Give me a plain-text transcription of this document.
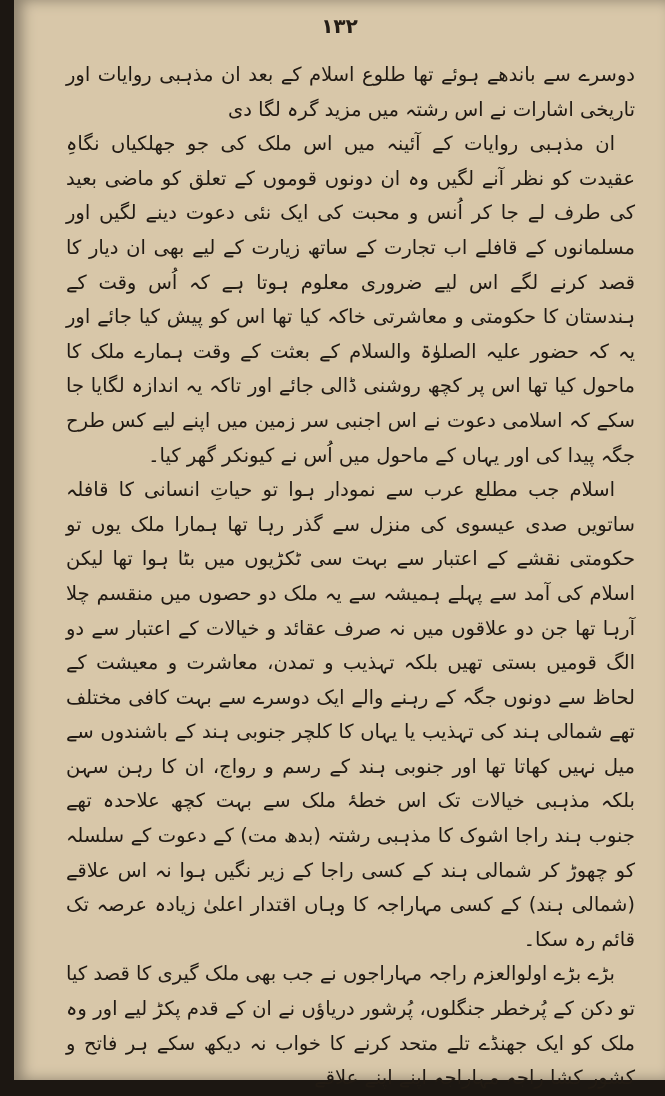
۱۳۲

دوسرے سے باندھے ہوئے تھا طلوع اسلام کے بعد ان مذہبی روایات اور تاریخی اشارات نے اس رشتہ میں مزید گرہ لگا دی

ان مذہبی روایات کے آئینہ میں اس ملک کی جو جھلکیاں نگاہِ عقیدت کو نظر آنے لگیں وہ ان دونوں قوموں کے تعلق کو ماضی بعید کی طرف لے جا کر اُنس و محبت کی ایک نئی دعوت دینے لگیں اور مسلمانوں کے قافلے اب تجارت کے ساتھ زیارت کے لیے بھی ان دیار کا قصد کرنے لگے اس لیے ضروری معلوم ہوتا ہے کہ اُس وقت کے ہندستان کا حکومتی و معاشرتی خاکہ کیا تھا اس کو پیش کیا جائے اور یہ کہ حضور علیہ الصلوٰۃ والسلام کے بعثت کے وقت ہمارے ملک کا ماحول کیا تھا اس پر کچھ روشنی ڈالی جائے اور تاکہ یہ اندازہ لگایا جا سکے کہ اسلامی دعوت نے اس اجنبی سر زمین میں اپنے لیے کس طرح جگہ پیدا کی اور یہاں کے ماحول میں اُس نے کیونکر گھر کیا۔

اسلام جب مطلع عرب سے نمودار ہوا تو حیاتِ انسانی کا قافلہ ساتویں صدی عیسوی کی منزل سے گذر رہا تھا ہمارا ملک یوں تو حکومتی نقشے کے اعتبار سے بہت سی ٹکڑیوں میں بٹا ہوا تھا لیکن اسلام کی آمد سے پہلے ہمیشہ سے یہ ملک دو حصوں میں منقسم چلا آرہا تھا جن دو علاقوں میں نہ صرف عقائد و خیالات کے اعتبار سے دو الگ قومیں بستی تھیں بلکہ تہذیب و تمدن، معاشرت و معیشت کے لحاظ سے دونوں جگہ کے رہنے والے ایک دوسرے سے بہت کافی مختلف تھے شمالی ہند کی تہذیب یا یہاں کا کلچر جنوبی ہند کے باشندوں سے میل نہیں کھاتا تھا اور جنوبی ہند کے رسم و رواج، ان کا رہن سہن بلکہ مذہبی خیالات تک اس خطۂ ملک سے بہت کچھ علاحدہ تھے جنوب ہند راجا اشوک کا مذہبی رشتہ (بدھ مت) کے دعوت کے سلسلہ کو چھوڑ کر شمالی ہند کے کسی راجا کے زیر نگیں ہوا نہ اس علاقے (شمالی ہند) کے کسی مہاراجہ کا وہاں اقتدار اعلیٰ زیادہ عرصہ تک قائم رہ سکا۔

بڑے بڑے اولوالعزم راجہ مہاراجوں نے جب بھی ملک گیری کا قصد کیا تو دکن کے پُرخطر جنگلوں، پُرشور دریاؤں نے ان کے قدم پکڑ لیے اور وہ ملک کو ایک جھنڈے تلے متحد کرنے کا خواب نہ دیکھ سکے ہر فاتح و کشور کشا راجہ مہاراجہ اپنے اپنے علاقے
